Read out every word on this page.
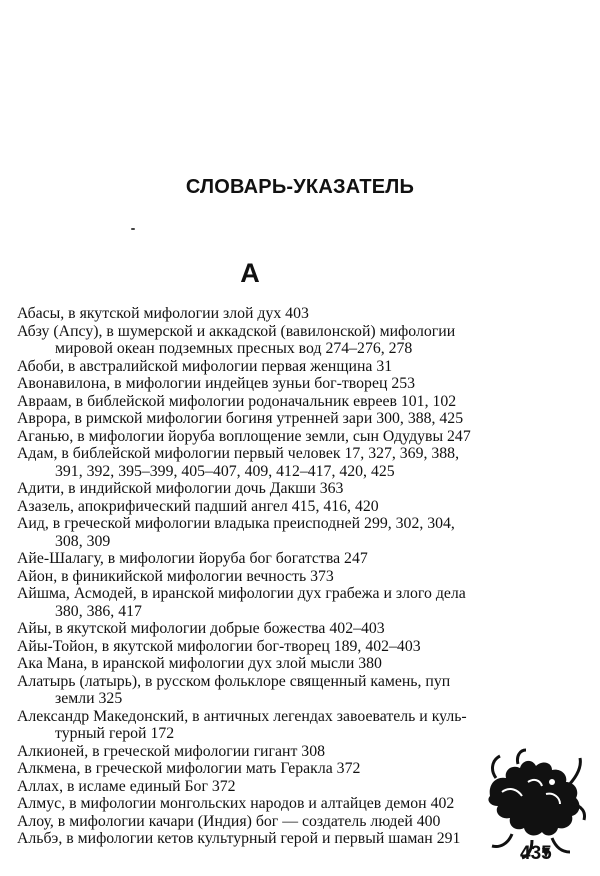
СЛОВАРЬ-УКАЗАТЕЛЬ
А
Абасы, в якутской мифологии злой дух 403
Абзу (Апсу), в шумерской и аккадской (вавилонской) мифологии
мировой океан подземных пресных вод 274–276, 278
Абоби, в австралийской мифологии первая женщина 31
Авонавилона, в мифологии индейцев зуньи бог-творец 253
Авраам, в библейской мифологии родоначальник евреев 101, 102
Аврора, в римской мифологии богиня утренней зари 300, 388, 425
Аганью, в мифологии йоруба воплощение земли, сын Одудувы 247
Адам, в библейской мифологии первый человек 17, 327, 369, 388,
391, 392, 395–399, 405–407, 409, 412–417, 420, 425
Адити, в индийской мифологии дочь Дакши 363
Азазель, апокрифический падший ангел 415, 416, 420
Аид, в греческой мифологии владыка преисподней 299, 302, 304,
308, 309
Айе-Шалагу, в мифологии йоруба бог богатства 247
Айон, в финикийской мифологии вечность 373
Айшма, Асмодей, в иранской мифологии дух грабежа и злого дела
380, 386, 417
Айы, в якутской мифологии добрые божества 402–403
Айы-Тойон, в якутской мифологии бог-творец 189, 402–403
Ака Мана, в иранской мифологии дух злой мысли 380
Алатырь (латырь), в русском фольклоре священный камень, пуп
земли 325
Александр Македонский, в античных легендах завоеватель и куль-
турный герой 172
Алкионей, в греческой мифологии гигант 308
Алкмена, в греческой мифологии мать Геракла 372
Аллах, в исламе единый Бог 372
Алмус, в мифологии монгольских народов и алтайцев демон 402
Алоу, в мифологии качари (Индия) бог — создатель людей 400
Альбэ, в мифологии кетов культурный герой и первый шаман 291
435
